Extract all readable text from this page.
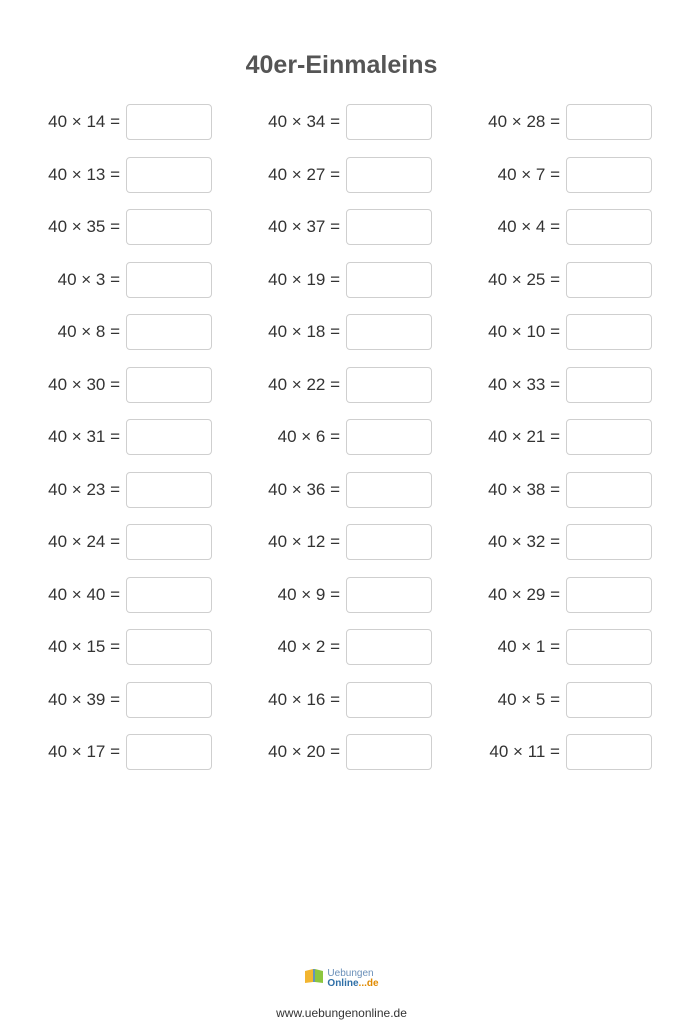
40er-Einmaleins
40 × 14 =	40 × 34 =	40 × 28 =
40 × 13 =	40 × 27 =	40 × 7 =
40 × 35 =	40 × 37 =	40 × 4 =
40 × 3 =	40 × 19 =	40 × 25 =
40 × 8 =	40 × 18 =	40 × 10 =
40 × 30 =	40 × 22 =	40 × 33 =
40 × 31 =	40 × 6 =	40 × 21 =
40 × 23 =	40 × 36 =	40 × 38 =
40 × 24 =	40 × 12 =	40 × 32 =
40 × 40 =	40 × 9 =	40 × 29 =
40 × 15 =	40 × 2 =	40 × 1 =
40 × 39 =	40 × 16 =	40 × 5 =
40 × 17 =	40 × 20 =	40 × 11 =
Uebungen
Online...de
www.uebungenonline.de
